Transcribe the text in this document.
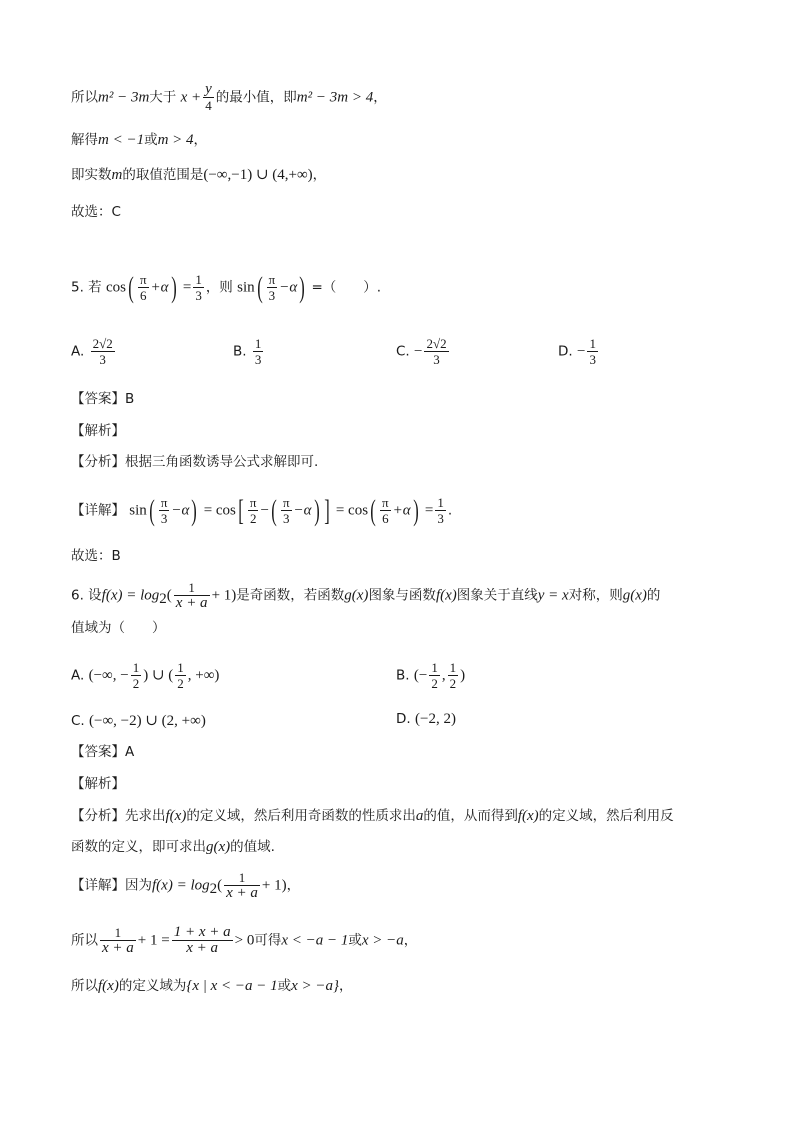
所以m² − 3m大于 $x + \frac{y}{4}$ 的最小值，即m² − 3m > 4，
解得m < −1或m > 4，
即实数m的取值范围是(−∞,−1) ∪ (4,+∞)，
故选：C
5. 若 $\cos( \frac{\pi}{6} +\alpha) = \frac{1}{3}$ ，则 $\sin( \frac{\pi}{3} -\alpha)$ =（　　）.
A. $\frac{2√2}{3}$	B. $\frac{1}{3}$	C. − $\frac{2√2}{3}$	D. − $\frac{1}{3}$
【答案】B
【解析】
【分析】根据三角函数诱导公式求解即可.
【详解】 $\sin( \frac{\pi}{3} -\alpha) = \cos[ \frac{\pi}{2}$ −( $\frac{\pi}{3} -\alpha$) ] = $\cos( \frac{\pi}{6} +\alpha) = \frac{1}{3}$ .
故选：B
6. 设$f(x) = \log_2( \frac{1}{x + a} + 1)$是奇函数，若函数g(x)图象与函数f(x)图象关于直线y = x对称，则g(x)的
值域为（　　）
A. (−∞, − $\frac{1}{2}$ ) ∪ ( $\frac{1}{2}$ , +∞)	B. (− $\frac{1}{2}$ , $\frac{1}{2}$ )
C. (−∞, −2) ∪ (2, +∞)	D. (−2, 2)
【答案】A
【解析】
【分析】先求出f(x)的定义域，然后利用奇函数的性质求出a的值，从而得到f(x)的定义域，然后利用反
函数的定义，即可求出g(x)的值域.
【详解】因为$f(x) = \log_2( \frac{1}{x + a} + 1)$，
所以 $\frac{1}{x + a} + 1 = \frac{1 + x + a}{x + a} > 0$可得x < −a − 1或x > −a，
所以f(x)的定义域为{x | x < −a − 1或x > −a}，
